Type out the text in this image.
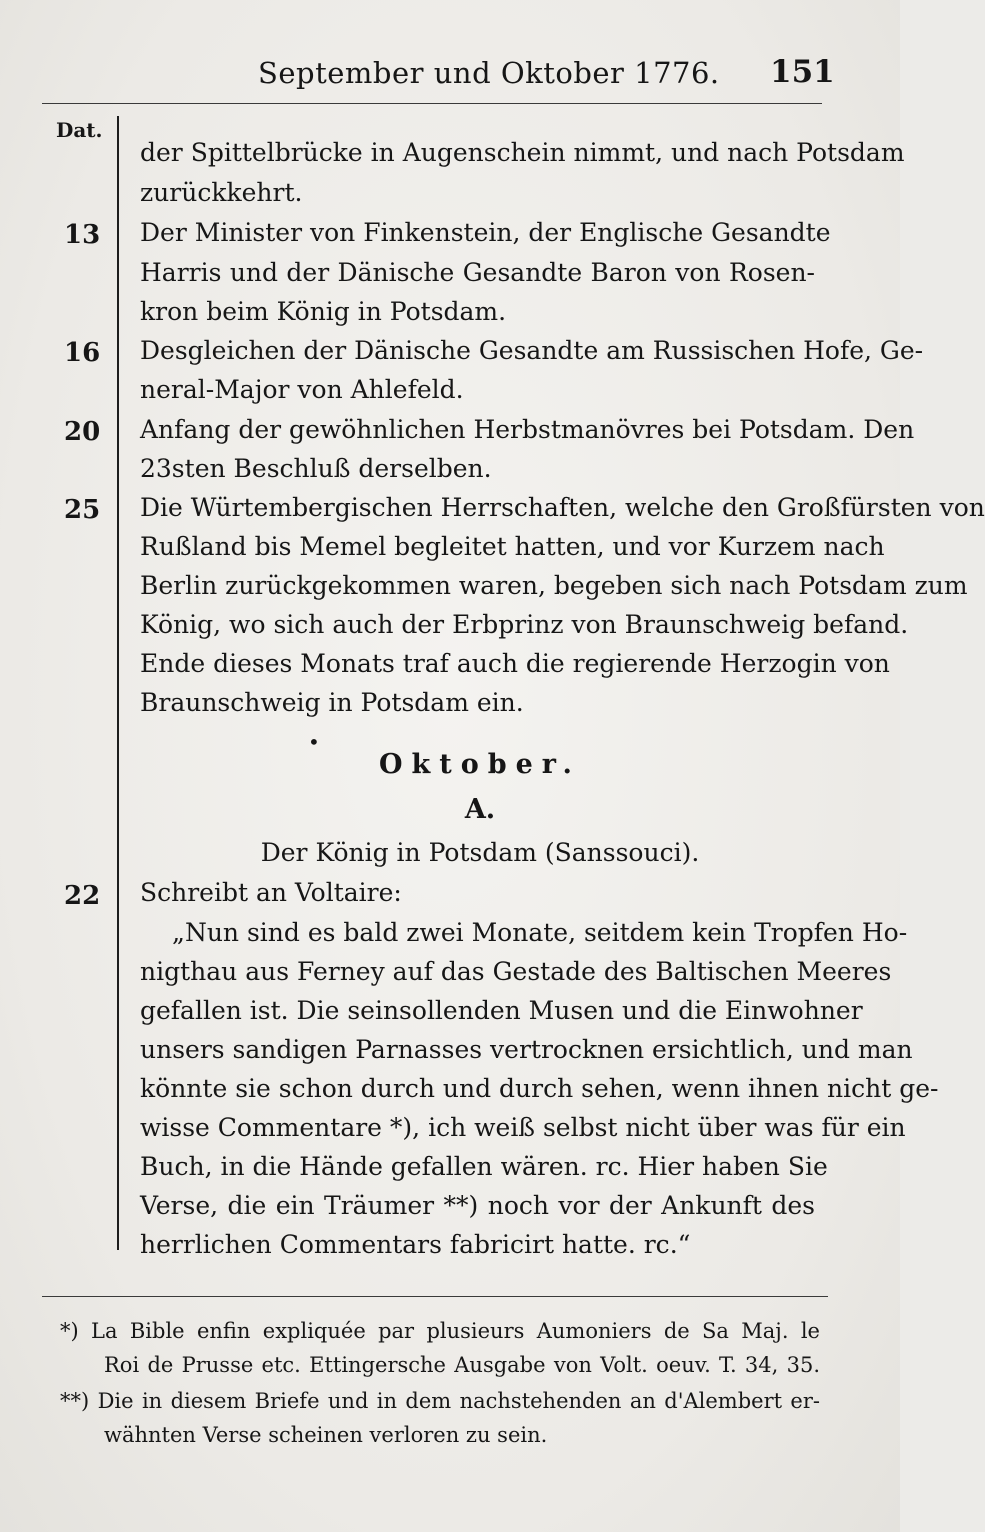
September und Oktober 1776. 151
Dat.
der Spittelbrücke in Augenschein nimmt, und nach Potsdam
zurückkehrt.
13 Der Minister von Finkenstein, der Englische Gesandte
Harris und der Dänische Gesandte Baron von Rosen-
kron beim König in Potsdam.
16 Desgleichen der Dänische Gesandte am Russischen Hofe, Ge-
neral-Major von Ahlefeld.
20 Anfang der gewöhnlichen Herbstmanövres bei Potsdam. Den
23sten Beschluß derselben.
25 Die Würtembergischen Herrschaften, welche den Großfürsten von
Rußland bis Memel begleitet hatten, und vor Kurzem nach
Berlin zurückgekommen waren, begeben sich nach Potsdam zum
König, wo sich auch der Erbprinz von Braunschweig befand.
Ende dieses Monats traf auch die regierende Herzogin von
Braunschweig in Potsdam ein.
•
Oktober.
A.
Der König in Potsdam (Sanssouci).
22 Schreibt an Voltaire:
„Nun sind es bald zwei Monate, seitdem kein Tropfen Ho-
nigthau aus Ferney auf das Gestade des Baltischen Meeres
gefallen ist. Die seinsollenden Musen und die Einwohner
unsers sandigen Parnasses vertrocknen ersichtlich, und man
könnte sie schon durch und durch sehen, wenn ihnen nicht ge-
wisse Commentare *), ich weiß selbst nicht über was für ein
Buch, in die Hände gefallen wären. rc. Hier haben Sie
Verse, die ein Träumer **) noch vor der Ankunft des
herrlichen Commentars fabricirt hatte. rc.“
*) La Bible enfin expliquée par plusieurs Aumoniers de Sa Maj. le
Roi de Prusse etc. Ettingersche Ausgabe von Volt. oeuv. T. 34, 35.
**) Die in diesem Briefe und in dem nachstehenden an d'Alembert er-
wähnten Verse scheinen verloren zu sein.
